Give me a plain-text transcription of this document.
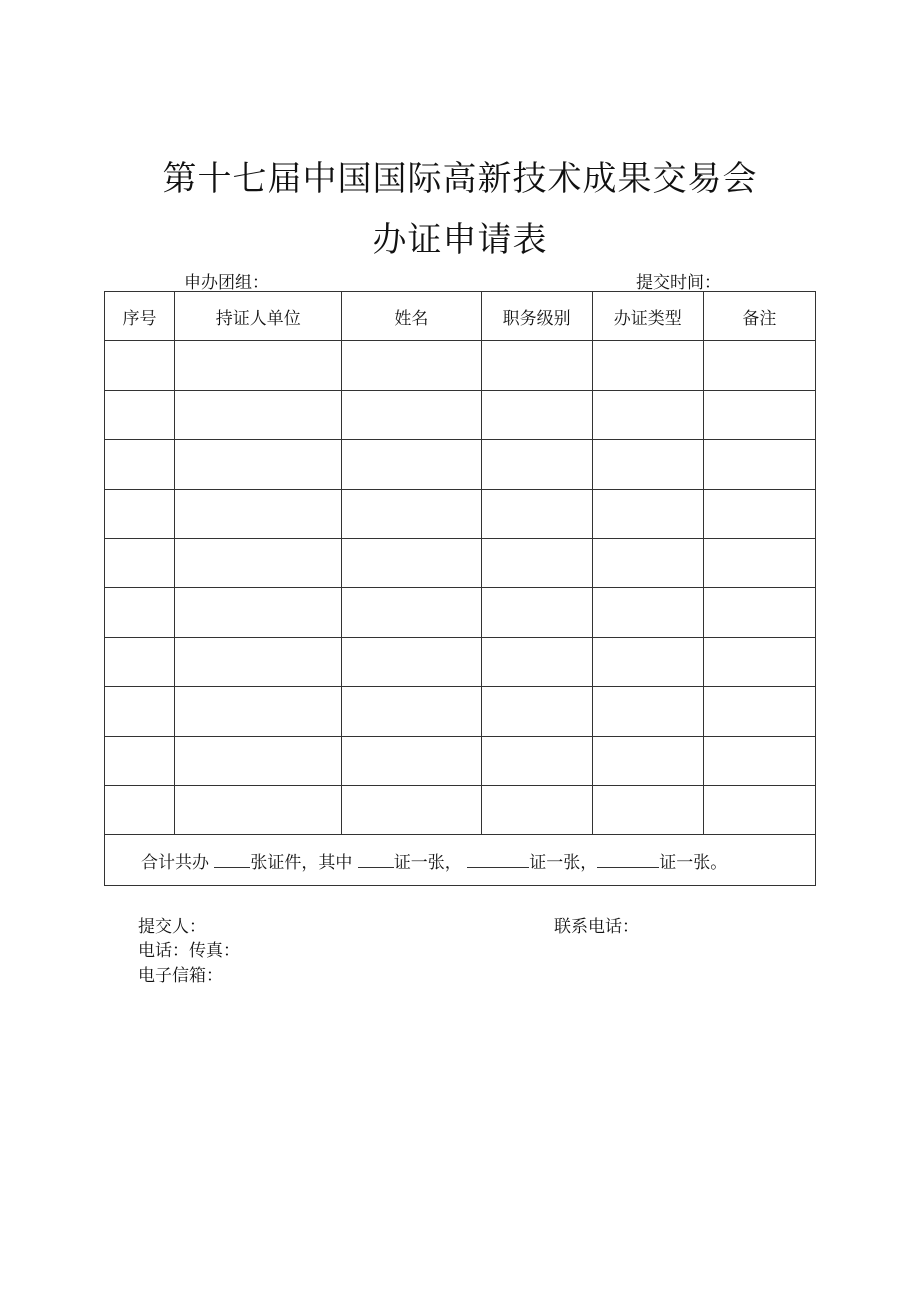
第十七届中国国际高新技术成果交易会
办证申请表
申办团组：	提交时间：
序号	持证人单位	姓名	职务级别	办证类型	备注

合计共办 张证件，其中 证一张， 证一张， 证一张。					
提交人：	联系电话：
电话：传真：
电子信箱：
